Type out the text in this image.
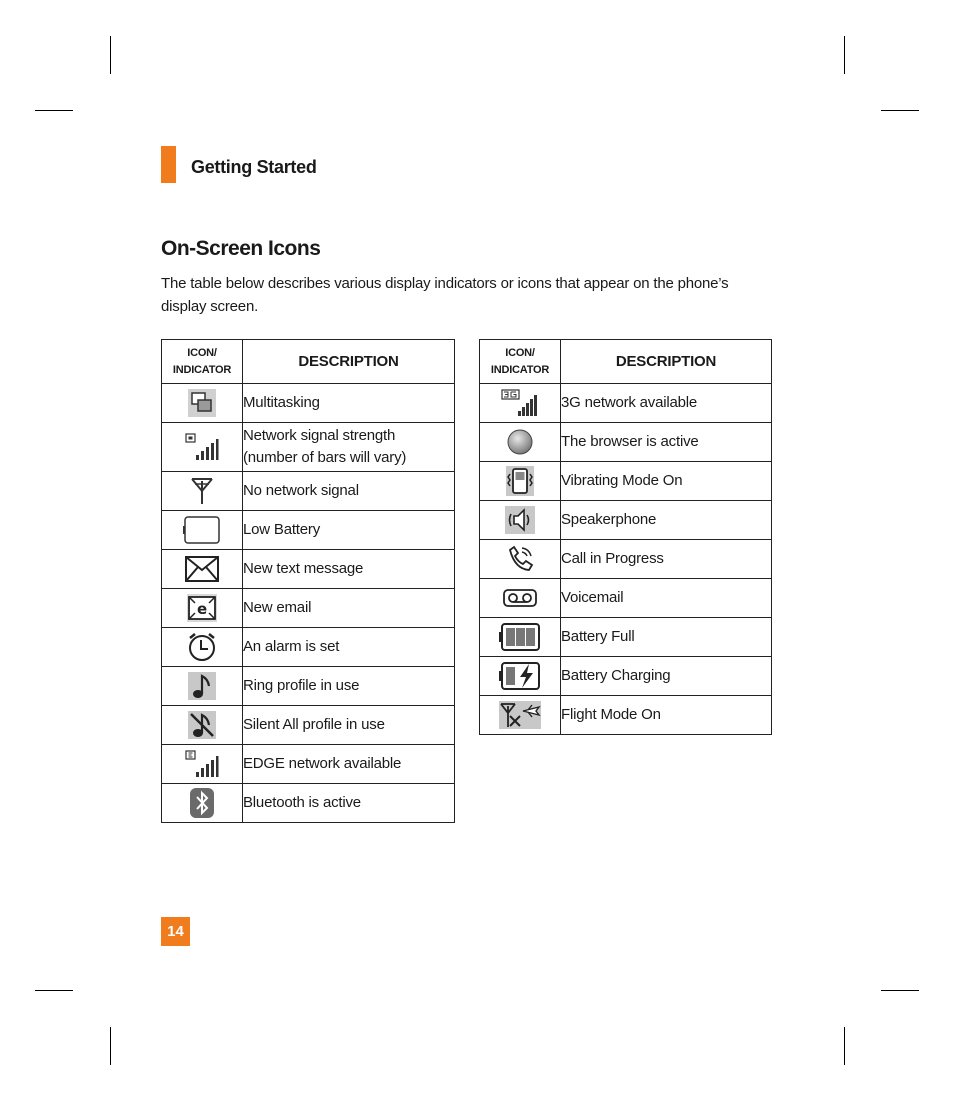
Getting Started
On-Screen Icons

The table below describes various display indicators or icons that appear on the phone’s display screen.

ICON/
INDICATOR	DESCRIPTION
	Multitasking
	Network signal strength
(number of bars will vary)
	No network signal
	Low Battery
	New text message

e	New email
	An alarm is set
	Ring profile in use
	Silent All profile in use
	EDGE network available
	Bluetooth is active
ICON/
INDICATOR	DESCRIPTION
	3G network available
	The browser is active
	Vibrating Mode On
	Speakerphone
	Call in Progress
	Voicemail
	Battery Full
	Battery Charging
	Flight Mode On
14
